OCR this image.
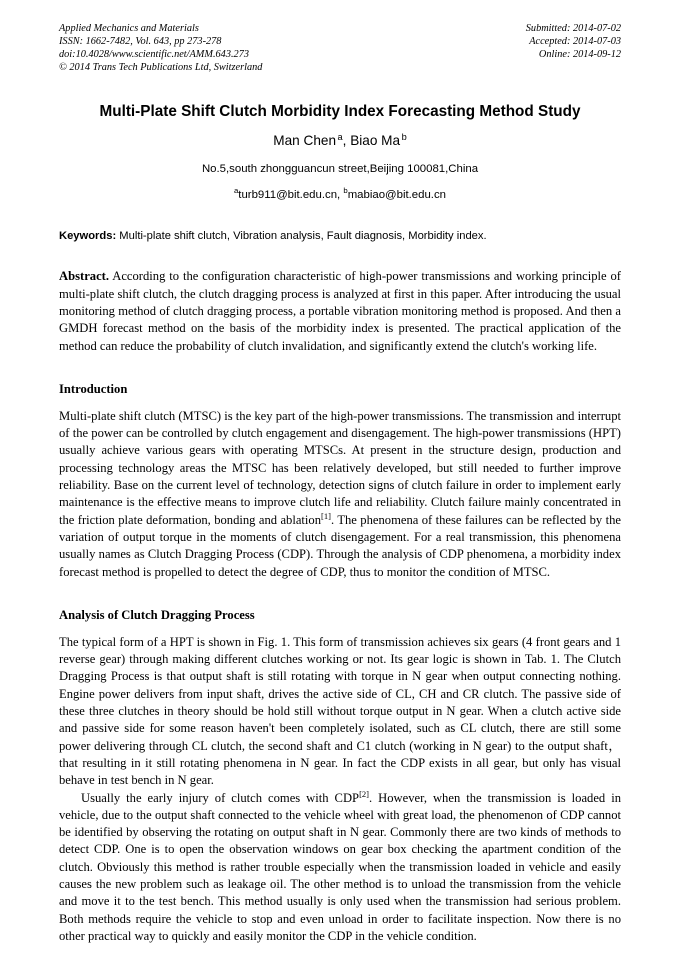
Applied Mechanics and Materials
ISSN: 1662-7482, Vol. 643, pp 273-278
doi:10.4028/www.scientific.net/AMM.643.273
© 2014 Trans Tech Publications Ltd, Switzerland
Submitted: 2014-07-02
Accepted: 2014-07-03
Online: 2014-09-12
Multi-Plate Shift Clutch Morbidity Index Forecasting Method Study
Man Chen $^a$, Biao Ma $^b$
No.5,south zhongguancun street,Beijing 100081,China
$^a$turb911@bit.edu.cn, $^b$mabiao@bit.edu.cn
Keywords: Multi-plate shift clutch, Vibration analysis, Fault diagnosis, Morbidity index.
Abstract. According to the configuration characteristic of high-power transmissions and working principle of multi-plate shift clutch, the clutch dragging process is analyzed at first in this paper. After introducing the usual monitoring method of clutch dragging process, a portable vibration monitoring method is proposed. And then a GMDH forecast method on the basis of the morbidity index is presented. The practical application of the method can reduce the probability of clutch invalidation, and significantly extend the clutch's working life.
Introduction
Multi-plate shift clutch (MTSC) is the key part of the high-power transmissions. The transmission and interrupt of the power can be controlled by clutch engagement and disengagement. The high-power transmissions (HPT) usually achieve various gears with operating MTSCs. At present in the structure design, production and processing technology areas the MTSC has been relatively developed, but still needed to further improve reliability. Base on the current level of technology, detection signs of clutch failure in order to implement early maintenance is the effective means to improve clutch life and reliability. Clutch failure mainly concentrated in the friction plate deformation, bonding and ablation[1]. The phenomena of these failures can be reflected by the variation of output torque in the moments of clutch disengagement. For a real transmission, this phenomena usually names as Clutch Dragging Process (CDP). Through the analysis of CDP phenomena, a morbidity index forecast method is propelled to detect the degree of CDP, thus to monitor the condition of MTSC.
Analysis of Clutch Dragging Process
The typical form of a HPT is shown in Fig. 1. This form of transmission achieves six gears (4 front gears and 1 reverse gear) through making different clutches working or not. Its gear logic is shown in Tab. 1. The Clutch Dragging Process is that output shaft is still rotating with torque in N gear when output connecting nothing. Engine power delivers from input shaft, drives the active side of CL, CH and CR clutch. The passive side of these three clutches in theory should be hold still without torque output in N gear. When a clutch active side and passive side for some reason haven't been completely isolated, such as CL clutch, there are still some power delivering through CL clutch, the second shaft and C1 clutch (working in N gear) to the output shaft，that resulting in it still rotating phenomena in N gear. In fact the CDP exists in all gear, but only has visual behave in test bench in N gear.
Usually the early injury of clutch comes with CDP[2]. However, when the transmission is loaded in vehicle, due to the output shaft connected to the vehicle wheel with great load, the phenomenon of CDP cannot be identified by observing the rotating on output shaft in N gear. Commonly there are two kinds of methods to detect CDP. One is to open the observation windows on gear box checking the apartment condition of the clutch. Obviously this method is rather trouble especially when the transmission loaded in vehicle and easily causes the new problem such as leakage oil. The other method is to unload the transmission from the vehicle and move it to the test bench. This method usually is only used when the transmission had serious problem. Both methods require the vehicle to stop and even unload in order to facilitate inspection. Now there is no other practical way to quickly and easily monitor the CDP in the vehicle condition.
